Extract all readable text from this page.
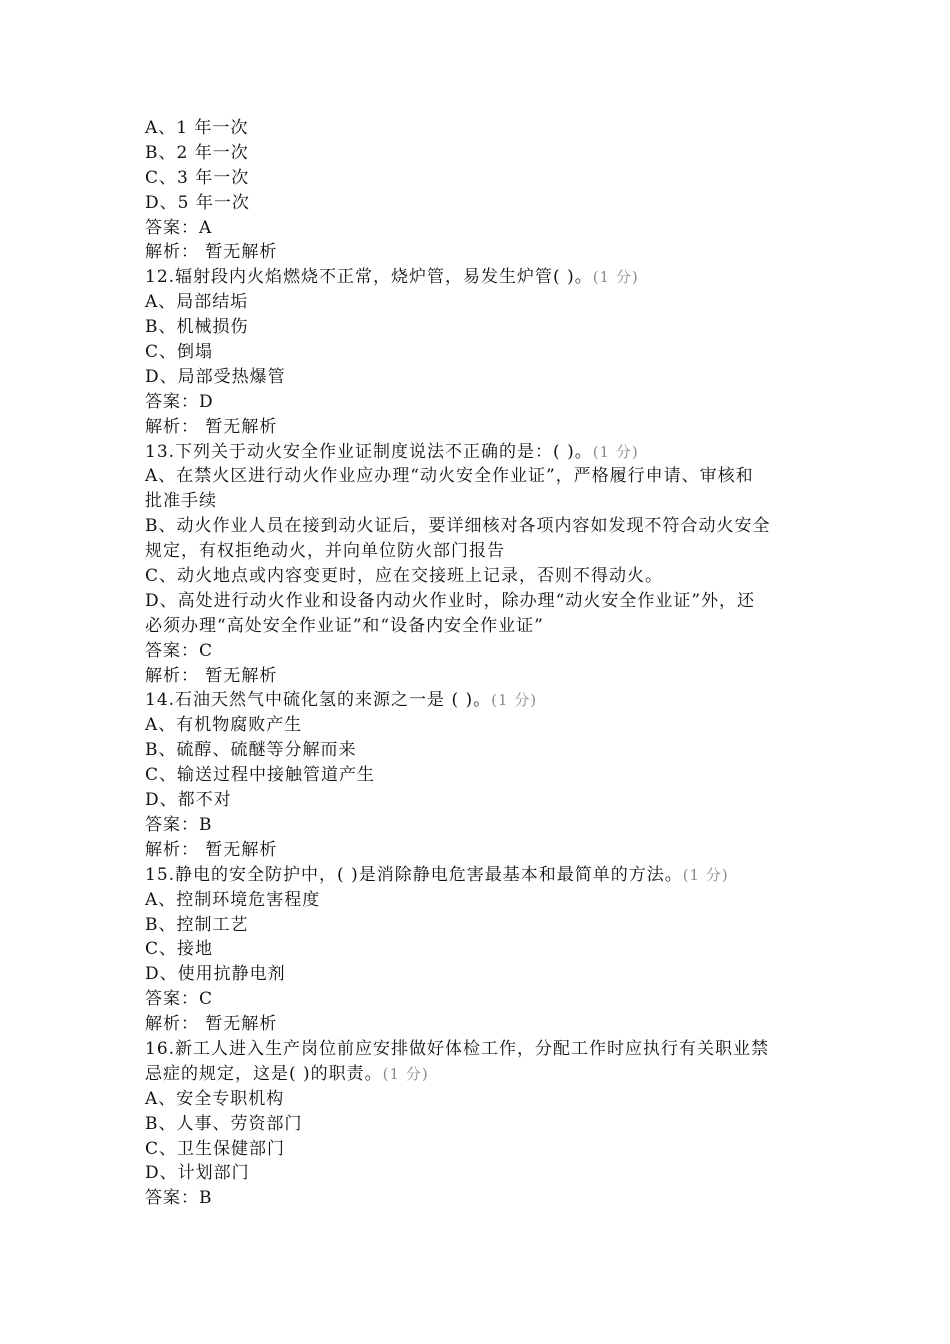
A、1 年一次
B、2 年一次
C、3 年一次
D、5 年一次
答案：A
解析： 暂无解析
12.辐射段内火焰燃烧不正常，烧炉管，易发生炉管( )。(1 分)
A、局部结垢
B、机械损伤
C、倒塌
D、局部受热爆管
答案：D
解析： 暂无解析
13.下列关于动火安全作业证制度说法不正确的是：( )。(1 分)
A、在禁火区进行动火作业应办理“动火安全作业证”，严格履行申请、审核和
批准手续
B、动火作业人员在接到动火证后，要详细核对各项内容如发现不符合动火安全
规定，有权拒绝动火，并向单位防火部门报告
C、动火地点或内容变更时，应在交接班上记录，否则不得动火。
D、高处进行动火作业和设备内动火作业时，除办理“动火安全作业证”外，还
必须办理“高处安全作业证”和“设备内安全作业证”
答案：C
解析： 暂无解析
14.石油天然气中硫化氢的来源之一是 ( )。(1 分)
A、有机物腐败产生
B、硫醇、硫醚等分解而来
C、输送过程中接触管道产生
D、都不对
答案：B
解析： 暂无解析
15.静电的安全防护中，( )是消除静电危害最基本和最简单的方法。(1 分)
A、控制环境危害程度
B、控制工艺
C、接地
D、使用抗静电剂
答案：C
解析： 暂无解析
16.新工人进入生产岗位前应安排做好体检工作，分配工作时应执行有关职业禁
忌症的规定，这是( )的职责。(1 分)
A、安全专职机构
B、人事、劳资部门
C、卫生保健部门
D、计划部门
答案：B
